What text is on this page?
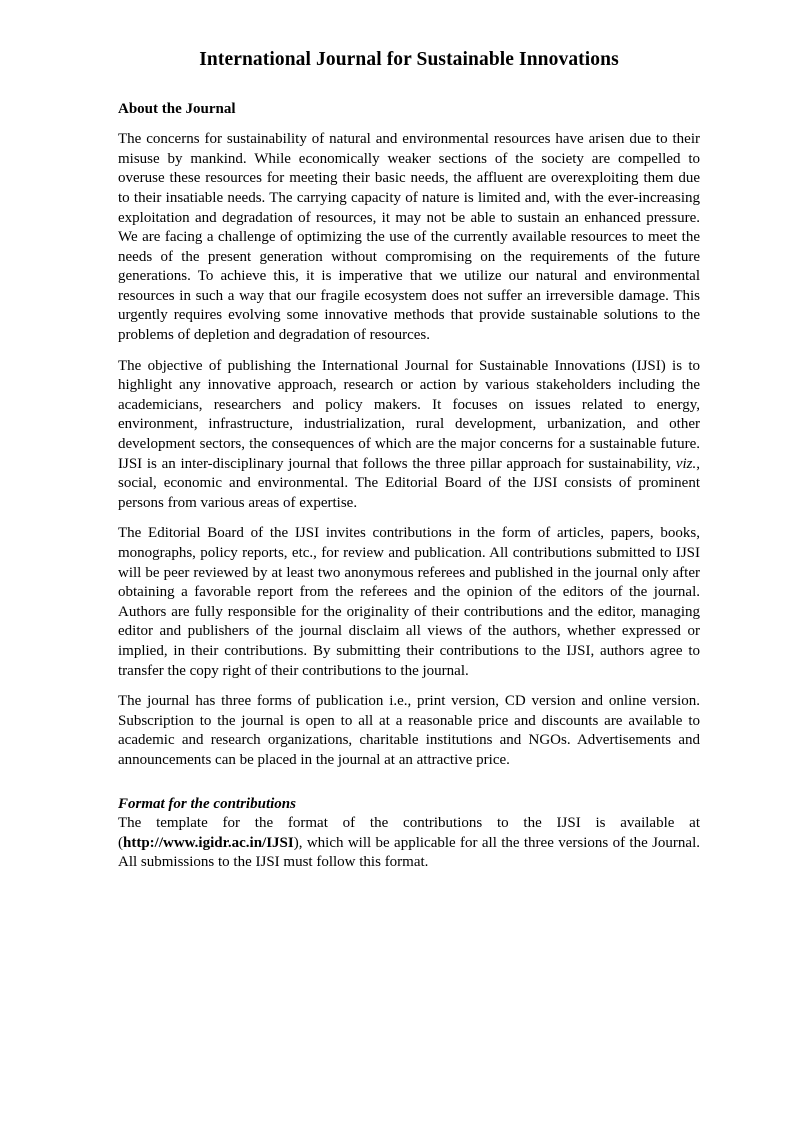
International Journal for Sustainable Innovations
About the Journal

The concerns for sustainability of natural and environmental resources have arisen due to their misuse by mankind. While economically weaker sections of the society are compelled to overuse these resources for meeting their basic needs, the affluent are overexploiting them due to their insatiable needs. The carrying capacity of nature is limited and, with the ever-increasing exploitation and degradation of resources, it may not be able to sustain an enhanced pressure. We are facing a challenge of optimizing the use of the currently available resources to meet the needs of the present generation without compromising on the requirements of the future generations. To achieve this, it is imperative that we utilize our natural and environmental resources in such a way that our fragile ecosystem does not suffer an irreversible damage. This urgently requires evolving some innovative methods that provide sustainable solutions to the problems of depletion and degradation of resources.

The objective of publishing the International Journal for Sustainable Innovations (IJSI) is to highlight any innovative approach, research or action by various stakeholders including the academicians, researchers and policy makers. It focuses on issues related to energy, environment, infrastructure, industrialization, rural development, urbanization, and other development sectors, the consequences of which are the major concerns for a sustainable future. IJSI is an inter-disciplinary journal that follows the three pillar approach for sustainability, viz., social, economic and environmental. The Editorial Board of the IJSI consists of prominent persons from various areas of expertise.

The Editorial Board of the IJSI invites contributions in the form of articles, papers, books, monographs, policy reports, etc., for review and publication. All contributions submitted to IJSI will be peer reviewed by at least two anonymous referees and published in the journal only after obtaining a favorable report from the referees and the opinion of the editors of the journal. Authors are fully responsible for the originality of their contributions and the editor, managing editor and publishers of the journal disclaim all views of the authors, whether expressed or implied, in their contributions. By submitting their contributions to the IJSI, authors agree to transfer the copy right of their contributions to the journal.

The journal has three forms of publication i.e., print version, CD version and online version. Subscription to the journal is open to all at a reasonable price and discounts are available to academic and research organizations, charitable institutions and NGOs. Advertisements and announcements can be placed in the journal at an attractive price.

Format for the contributions

The template for the format of the contributions to the IJSI is available at (http://www.igidr.ac.in/IJSI), which will be applicable for all the three versions of the Journal. All submissions to the IJSI must follow this format.
